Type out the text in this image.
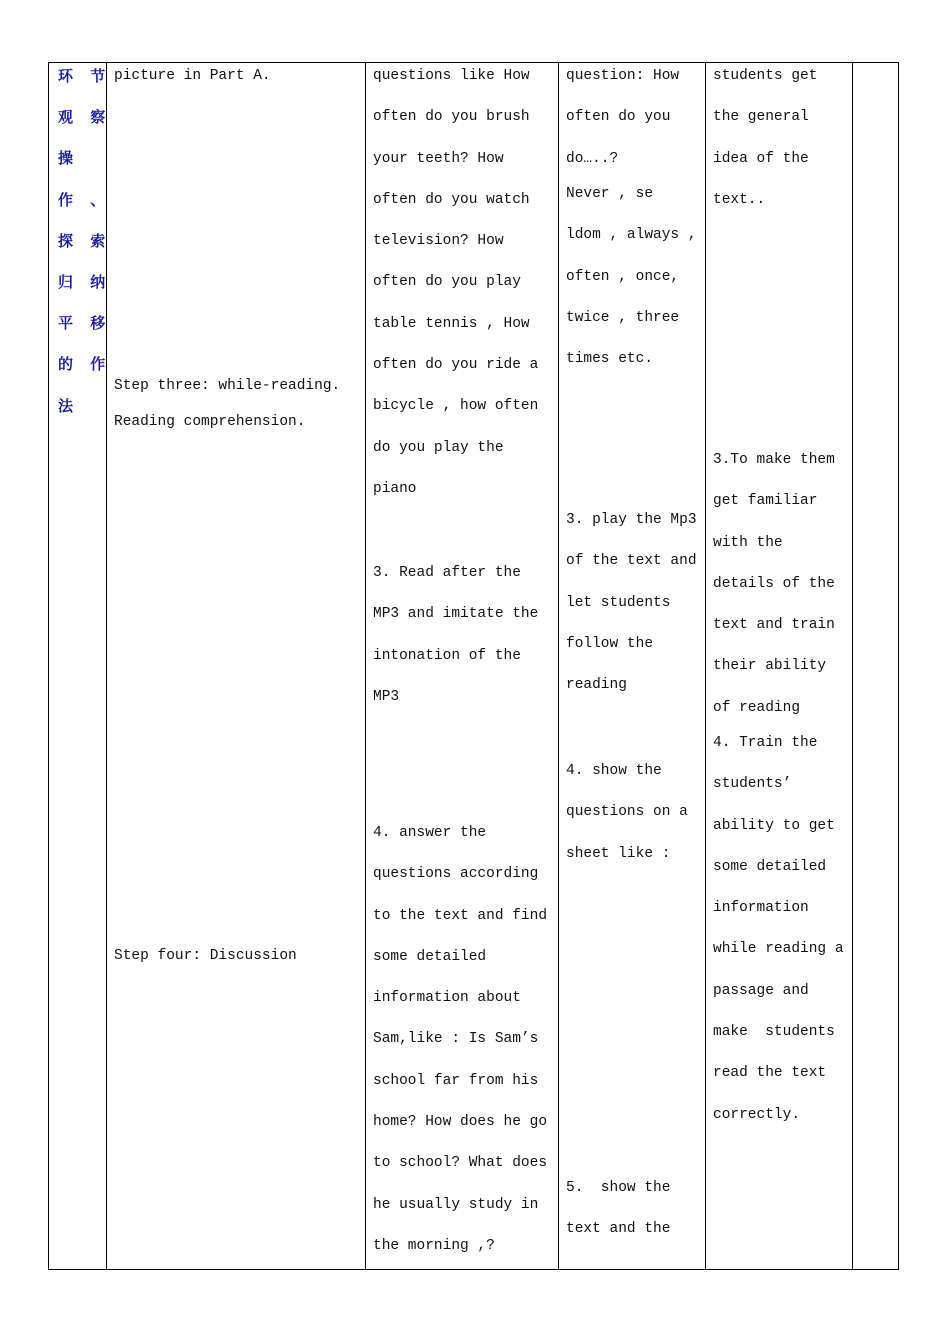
环 节
观 察
操
作 、
探 索
归 纳
平 移
的 作
法
picture in Part A.
Step three: while-reading.
Reading comprehension.
Step four: Discussion
questions like How
often do you brush
your teeth? How
often do you watch
television? How
often do you play
table tennis , How
often do you ride a
bicycle , how often
do you play the
piano
3. Read after the
MP3 and imitate the
intonation of the
MP3
4. answer the
questions according
to the text and find
some detailed
information about
Sam,like : Is Sam’s
school far from his
home? How does he go
to school? What does
he usually study in
the morning ,?
question: How
often do you
do…..?
Never , se
ldom , always ,
often , once,
twice , three
times etc.
3. play the Mp3
of the text and
let students
follow the
reading
4. show the
questions on a
sheet like :
5.  show the
text and the
students get
the general
idea of the
text..
3.To make them
get familiar
with the
details of the
text and train
their ability
of reading
4. Train the
students’
ability to get
some detailed
information
while reading a
passage and
make  students
read the text
correctly.
